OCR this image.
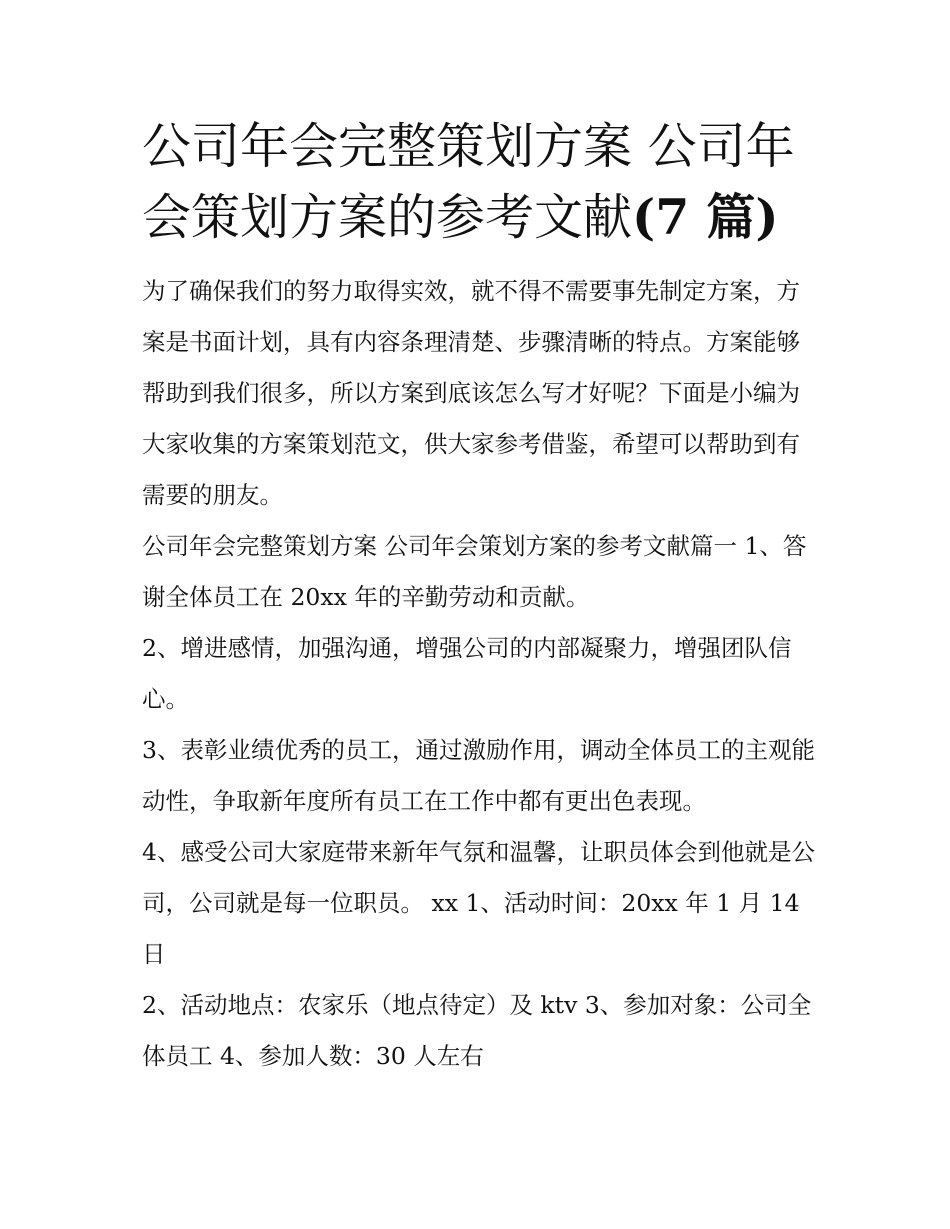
公司年会完整策划方案 公司年会策划方案的参考文献(7 篇)

为了确保我们的努力取得实效，就不得不需要事先制定方案，方案是书面计划，具有内容条理清楚、步骤清晰的特点。方案能够帮助到我们很多，所以方案到底该怎么写才好呢？下面是小编为大家收集的方案策划范文，供大家参考借鉴，希望可以帮助到有需要的朋友。

公司年会完整策划方案 公司年会策划方案的参考文献篇一 1、答谢全体员工在 20xx 年的辛勤劳动和贡献。

2、增进感情，加强沟通，增强公司的内部凝聚力，增强团队信心。

3、表彰业绩优秀的员工，通过激励作用，调动全体员工的主观能动性，争取新年度所有员工在工作中都有更出色表现。

4、感受公司大家庭带来新年气氛和温馨，让职员体会到他就是公司，公司就是每一位职员。 xx 1、活动时间：20xx 年 1 月 14 日

2、活动地点：农家乐（地点待定）及 ktv 3、参加对象：公司全体员工 4、参加人数：30 人左右
